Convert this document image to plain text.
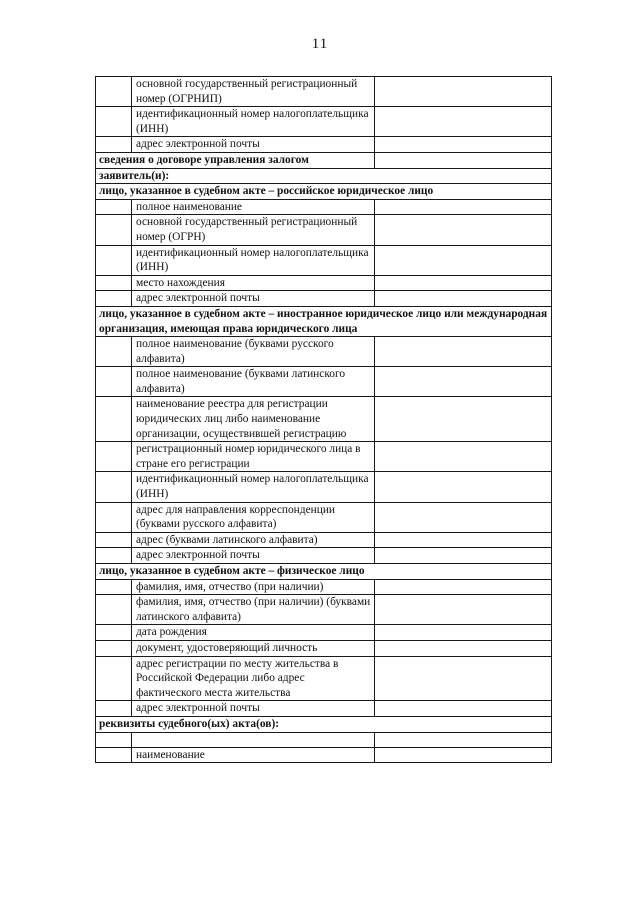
11
	основной государственный регистрационный номер (ОГРНИП)	
	идентификационный номер налогоплательщика (ИНН)	
	адрес электронной почты	
сведения о договоре управления залогом		
заявитель(и):		
лицо, указанное в судебном акте – российское юридическое лицо		
	полное наименование	
	основной государственный регистрационный номер (ОГРН)	
	идентификационный номер налогоплательщика (ИНН)	
	место нахождения	
	адрес электронной почты	
лицо, указанное в судебном акте – иностранное юридическое лицо или международная организация, имеющая права юридического лица		
	полное наименование (буквами русского алфавита)	
	полное наименование (буквами латинского алфавита)	
	наименование реестра для регистрации юридических лиц либо наименование организации, осуществившей регистрацию	
	регистрационный номер юридического лица в стране его регистрации	
	идентификационный номер налогоплательщика (ИНН)	
	адрес для направления корреспонденции (буквами русского алфавита)	
	адрес (буквами латинского алфавита)	
	адрес электронной почты	
лицо, указанное в судебном акте – физическое лицо		
	фамилия, имя, отчество (при наличии)	
	фамилия, имя, отчество (при наличии) (буквами латинского алфавита)	
	дата рождения	
	документ, удостоверяющий личность	
	адрес регистрации по месту жительства в Российской Федерации либо адрес фактического места жительства	
	адрес электронной почты	
реквизиты судебного(ых) акта(ов):		

	наименование	
